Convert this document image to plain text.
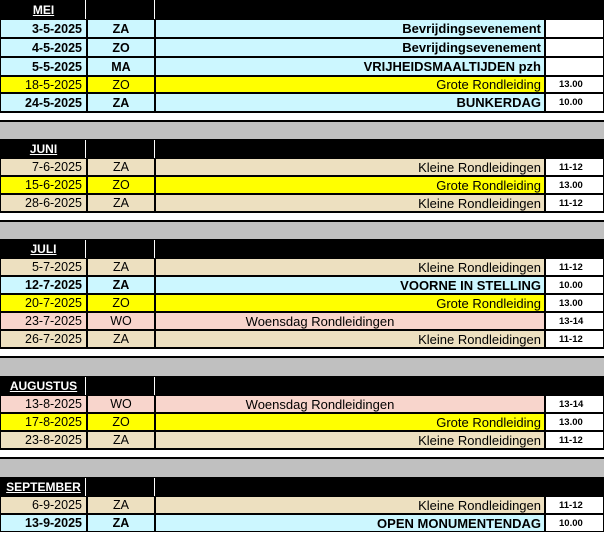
MEI
3-5-2025	ZA	Bevrijdingsevenement
4-5-2025	ZO	Bevrijdingsevenement
5-5-2025	MA	VRIJHEIDSMAALTIJDEN pzh
18-5-2025	ZO	Grote Rondleiding	13.00
24-5-2025	ZA	BUNKERDAG	10.00
JUNI
7-6-2025	ZA	Kleine Rondleidingen	11-12
15-6-2025	ZO	Grote Rondleiding	13.00
28-6-2025	ZA	Kleine Rondleidingen	11-12
JULI
5-7-2025	ZA	Kleine Rondleidingen	11-12
12-7-2025	ZA	VOORNE IN STELLING	10.00
20-7-2025	ZO	Grote Rondleiding	13.00
23-7-2025	WO	Woensdag Rondleidingen	13-14
26-7-2025	ZA	Kleine Rondleidingen	11-12
AUGUSTUS
13-8-2025	WO	Woensdag Rondleidingen	13-14
17-8-2025	ZO	Grote Rondleiding	13.00
23-8-2025	ZA	Kleine Rondleidingen	11-12
SEPTEMBER
6-9-2025	ZA	Kleine Rondleidingen	11-12
13-9-2025	ZA	OPEN MONUMENTENDAG	10.00
